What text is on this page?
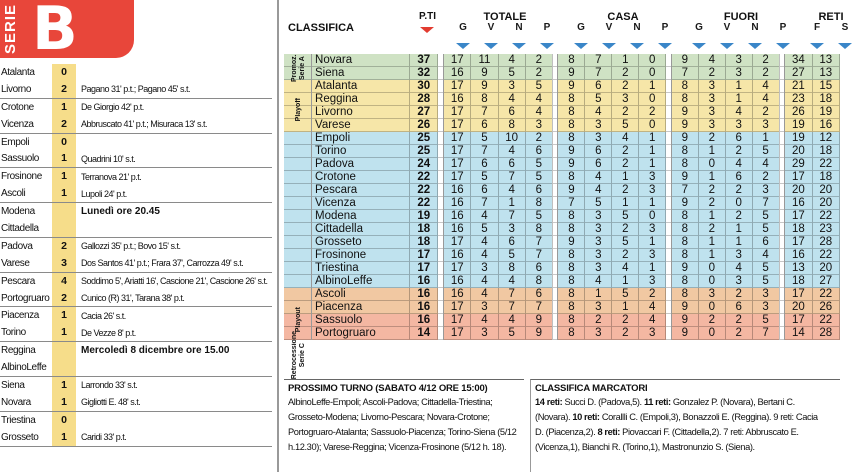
SERIE B
Atalanta	0
Livorno	2	Pagano 31' p.t.; Pagano 45' s.t.
Crotone	1	De Giorgio 42' p.t.
Vicenza	2	Abbruscato 41' p.t.; Misuraca 13' s.t.
Empoli	0
Sassuolo	1	Quadrini 10' s.t.
Frosinone	1	Terranova 21' p.t.
Ascoli	1	Lupoli 24' p.t.
Modena	Lunedì ore 20.45
Cittadella
Padova	2	Gallozzi 35' p.t.; Bovo 15' s.t.
Varese	3	Dos Santos 41' p.t.; Frara 37', Carrozza 49' s.t.
Pescara	4	Soddimo 5', Ariatti 16', Cascione 21', Cascione 26' s.t.
Portogruaro	2	Cunico (R) 31', Tarana 38' p.t.
Piacenza	1	Cacia 26' s.t.
Torino	1	De Vezze 8' p.t.
Reggina	Mercoledì 8 dicembre ore 15.00
AlbinoLeffe
Siena	1	Larrondo 33' s.t.
Novara	1	Gigliotti E. 48' s.t.
Triestina	0
Grosseto	1	Caridi 33' p.t.
CLASSIFICA
P.TI	TOTALE	CASA	FUORI	RETI
G	V	N	P	G	V	N	P	G	V	N	P	F	S
	Novara	37		17	11	4	2		8	7	1	0		9	4	3	2		34	13
	Siena	32		16	9	5	2		9	7	2	0		7	2	3	2		27	13
	Atalanta	30		17	9	3	5		9	6	2	1		8	3	1	4		21	15
	Reggina	28		16	8	4	4		8	5	3	0		8	3	1	4		23	18
	Livorno	27		17	7	6	4		8	4	2	2		9	3	4	2		26	19
	Varese	26		17	6	8	3		8	3	5	0		9	3	3	3		19	16
	Empoli	25		17	5	10	2		8	3	4	1		9	2	6	1		19	12
	Torino	25		17	7	4	6		9	6	2	1		8	1	2	5		20	18
	Padova	24		17	6	6	5		9	6	2	1		8	0	4	4		29	22
	Crotone	22		17	5	7	5		8	4	1	3		9	1	6	2		17	18
	Pescara	22		16	6	4	6		9	4	2	3		7	2	2	3		20	20
	Vicenza	22		16	7	1	8		7	5	1	1		9	2	0	7		16	20
	Modena	19		16	4	7	5		8	3	5	0		8	1	2	5		17	22
	Cittadella	18		16	5	3	8		8	3	2	3		8	2	1	5		18	23
	Grosseto	18		17	4	6	7		9	3	5	1		8	1	1	6		17	28
	Frosinone	17		16	4	5	7		8	3	2	3		8	1	3	4		16	22
	Triestina	17		17	3	8	6		8	3	4	1		9	0	4	5		13	20
	AlbinoLeffe	16		16	4	4	8		8	4	1	3		8	0	3	5		18	27
	Ascoli	16		16	4	7	6		8	1	5	2		8	3	2	3		17	22
	Piacenza	16		17	3	7	7		8	3	1	4		9	0	6	3		20	26
	Sassuolo	16		17	4	4	9		8	2	2	4		9	2	2	5		17	22
	Portogruaro	14		17	3	5	9		8	3	2	3		9	0	2	7		14	28
Promoz. Serie A
Playoff
Playout
Retrocessione Serie C
PROSSIMO TURNO (SABATO 4/12 ORE 15:00)
AlbinoLeffe-Empoli; Ascoli-Padova; Cittadella-Triestina;
Grosseto-Modena; Livorno-Pescara; Novara-Crotone;
Portogruaro-Atalanta; Sassuolo-Piacenza; Torino-Siena (5/12
h.12.30); Varese-Reggina; Vicenza-Frosinone (5/12 h. 18).
CLASSIFICA MARCATORI
14 reti: Succi D. (Padova,5). 11 reti: Gonzalez P. (Novara), Bertani C.
(Novara). 10 reti: Corallli C. (Empoli,3), Bonazzoli E. (Reggina). 9 reti: Cacia
D. (Piacenza,2). 8 reti: Piovaccari F. (Cittadella,2). 7 reti: Abbruscato E.
(Vicenza,1), Bianchi R. (Torino,1), Mastronunzio S. (Siena).
